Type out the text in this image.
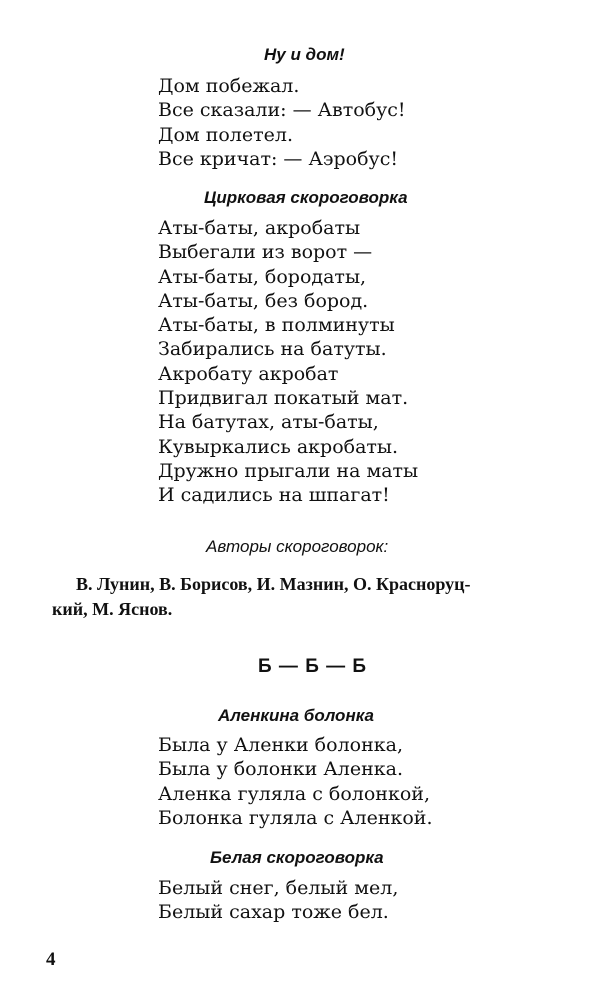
Ну и дом!
Дом побежал.
Все сказали: — Автобус!
Дом полетел.
Все кричат: — Аэробус!
Цирковая скороговорка
Аты-баты, акробаты
Выбегали из ворот —
Аты-баты, бородаты,
Аты-баты, без бород.
Аты-баты, в полминуты
Забирались на батуты.
Акробату акробат
Придвигал покатый мат.
На батутах, аты-баты,
Кувыркались акробаты.
Дружно прыгали на маты
И садились на шпагат!
Авторы скороговорок:
В. Лунин, В. Борисов, И. Мазнин, О. Красноруц-
кий, М. Яснов.
Б — Б — Б
Аленкина болонка
Была у Аленки болонка,
Была у болонки Аленка.
Аленка гуляла с болонкой,
Болонка гуляла с Аленкой.
Белая скороговорка
Белый снег, белый мел,
Белый сахар тоже бел.
4
